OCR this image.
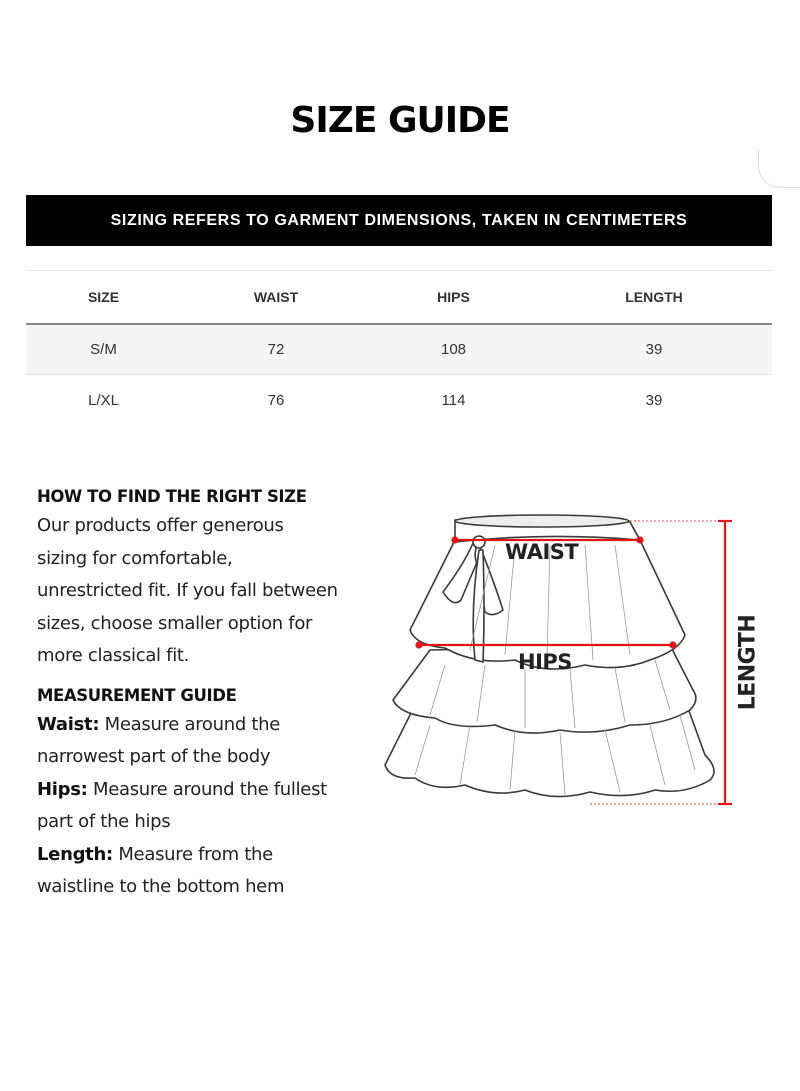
SIZE GUIDE
SIZING REFERS TO GARMENT DIMENSIONS, TAKEN IN CENTIMETERS
SIZE	WAIST	HIPS	LENGTH
S/M	72	108	39
L/XL	76	114	39
HOW TO FIND THE RIGHT SIZE

Our products offer generous

sizing for comfortable,

unrestricted fit. If you fall between

sizes, choose smaller option for

more classical fit.

MEASUREMENT GUIDE

Waist: Measure around the

narrowest part of the body

Hips: Measure around the fullest

part of the hips

Length: Measure from the

waistline to the bottom hem

WAIST
HIPS	LENGTH
